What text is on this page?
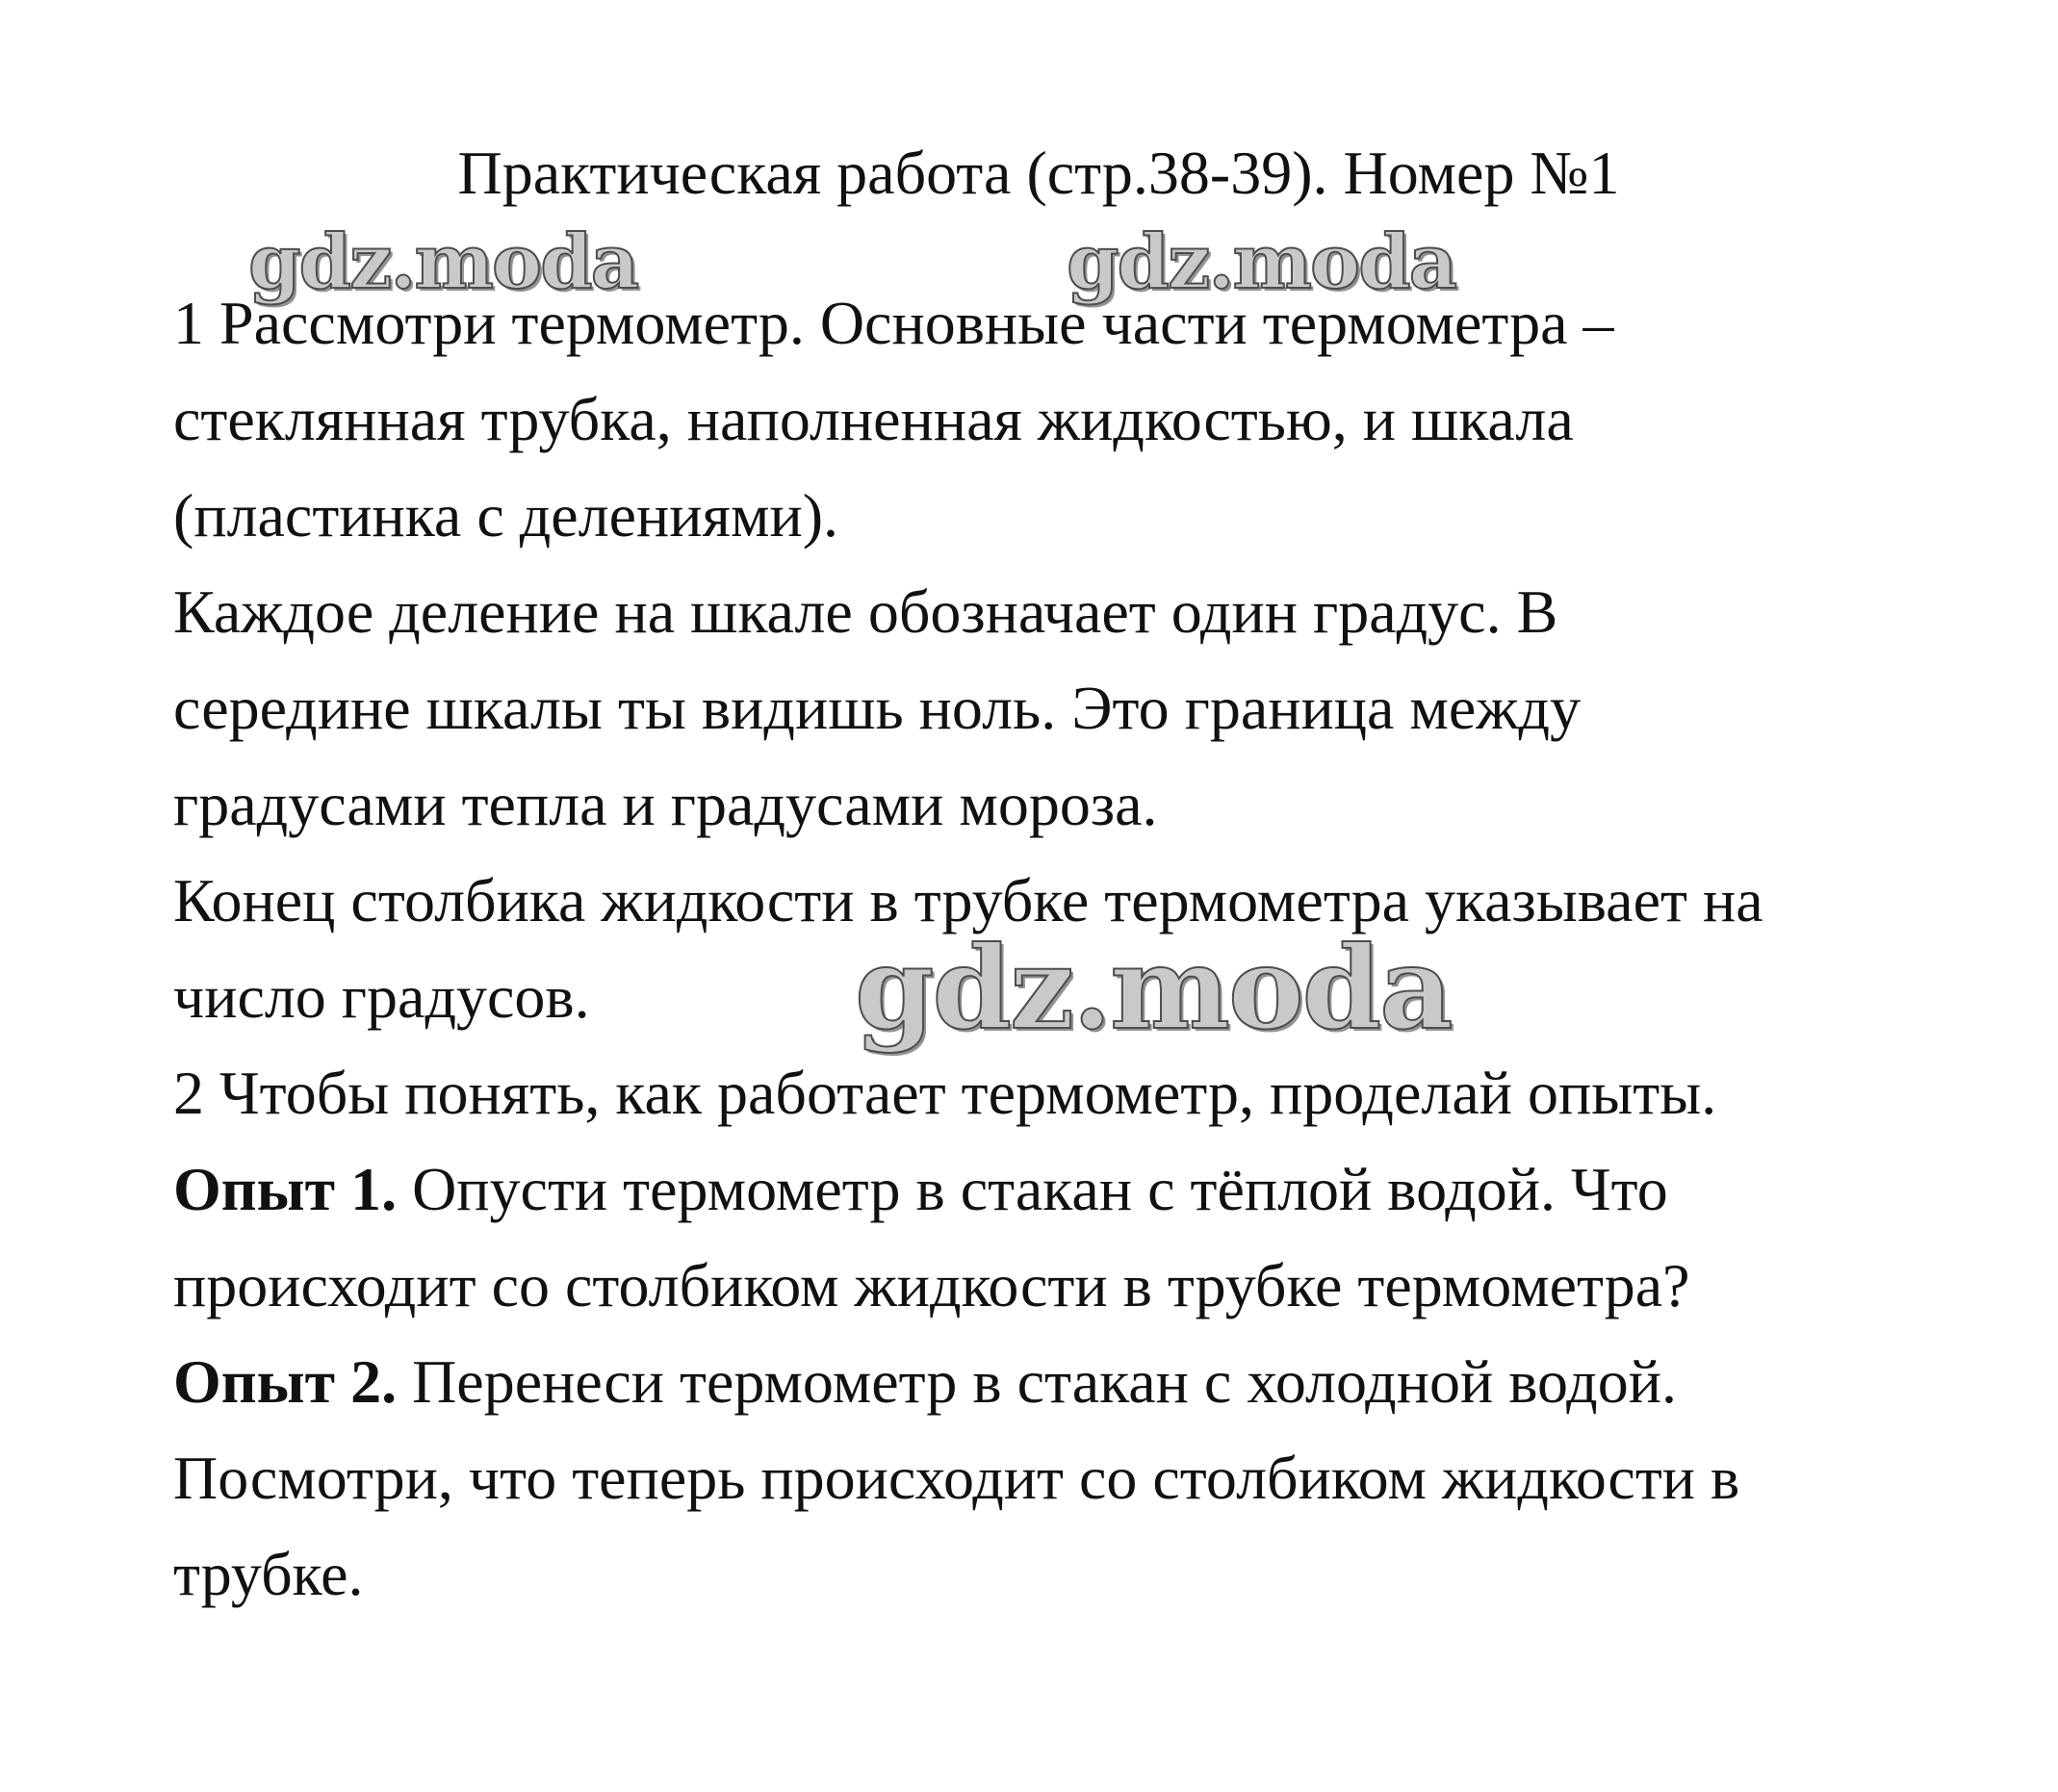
Практическая работа (стр.38-39). Номер №1
gdz.moda	gdz.moda
1 Рассмотри термометр. Основные части термометра –
стеклянная трубка, наполненная жидкостью, и шкала
(пластинка с делениями).
Каждое деление на шкале обозначает один градус. В
середине шкалы ты видишь ноль. Это граница между
градусами тепла и градусами мороза.
Конец столбика жидкости в трубке термометра указывает на
число градусов. gdz.moda
2 Чтобы понять, как работает термометр, проделай опыты.
Опыт 1. Опусти термометр в стакан с тёплой водой. Что
происходит со столбиком жидкости в трубке термометра?
Опыт 2. Перенеси термометр в стакан с холодной водой.
Посмотри, что теперь происходит со столбиком жидкости в
трубке.
